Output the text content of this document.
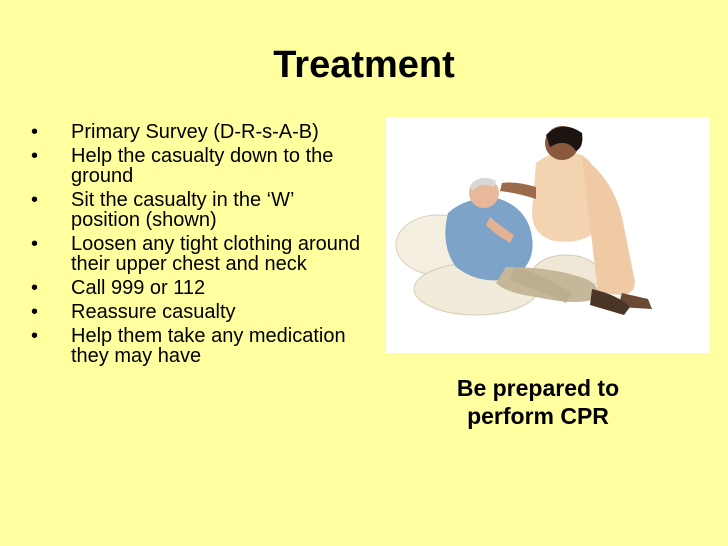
Treatment
• Primary Survey (D-R-s-A-B)
• Help the casualty down to the ground
• Sit the casualty in the ‘W’ position (shown)
• Loosen any tight clothing around their upper chest and neck
• Call 999 or 112
• Reassure casualty
• Help them take any medication they may have
Be prepared to
perform CPR
